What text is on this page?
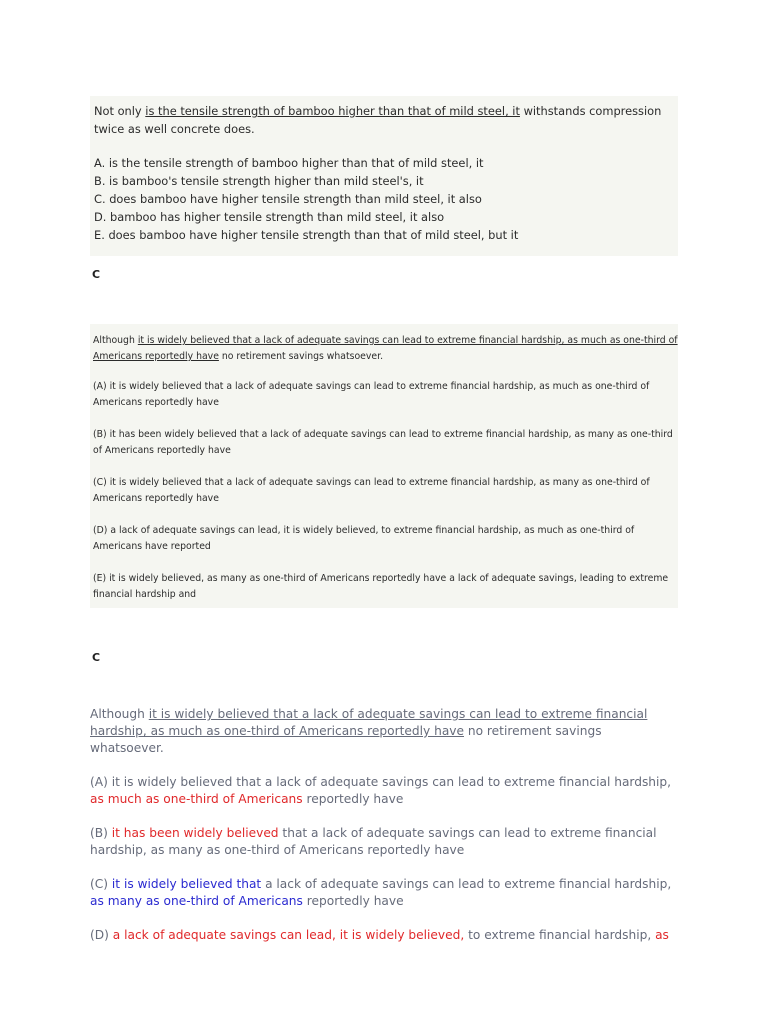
Not only is the tensile strength of bamboo higher than that of mild steel, it withstands compression twice as well concrete does.

A. is the tensile strength of bamboo higher than that of mild steel, it

B. is bamboo's tensile strength higher than mild steel's, it

C. does bamboo have higher tensile strength than mild steel, it also

D. bamboo has higher tensile strength than mild steel, it also

E. does bamboo have higher tensile strength than that of mild steel, but it

C

Although it is widely believed that a lack of adequate savings can lead to extreme financial hardship, as much as one-third of Americans reportedly have no retirement savings whatsoever.

(A) it is widely believed that a lack of adequate savings can lead to extreme financial hardship, as much as one-third of Americans reportedly have

(B) it has been widely believed that a lack of adequate savings can lead to extreme financial hardship, as many as one-third of Americans reportedly have

(C) it is widely believed that a lack of adequate savings can lead to extreme financial hardship, as many as one-third of Americans reportedly have

(D) a lack of adequate savings can lead, it is widely believed, to extreme financial hardship, as much as one-third of Americans have reported

(E) it is widely believed, as many as one-third of Americans reportedly have a lack of adequate savings, leading to extreme financial hardship and

C

Although it is widely believed that a lack of adequate savings can lead to extreme financial hardship, as much as one-third of Americans reportedly have no retirement savings whatsoever.

(A) it is widely believed that a lack of adequate savings can lead to extreme financial hardship, as much as one-third of Americans reportedly have

(B) it has been widely believed that a lack of adequate savings can lead to extreme financial hardship, as many as one-third of Americans reportedly have

(C) it is widely believed that a lack of adequate savings can lead to extreme financial hardship, as many as one-third of Americans reportedly have

(D) a lack of adequate savings can lead, it is widely believed, to extreme financial hardship, as
